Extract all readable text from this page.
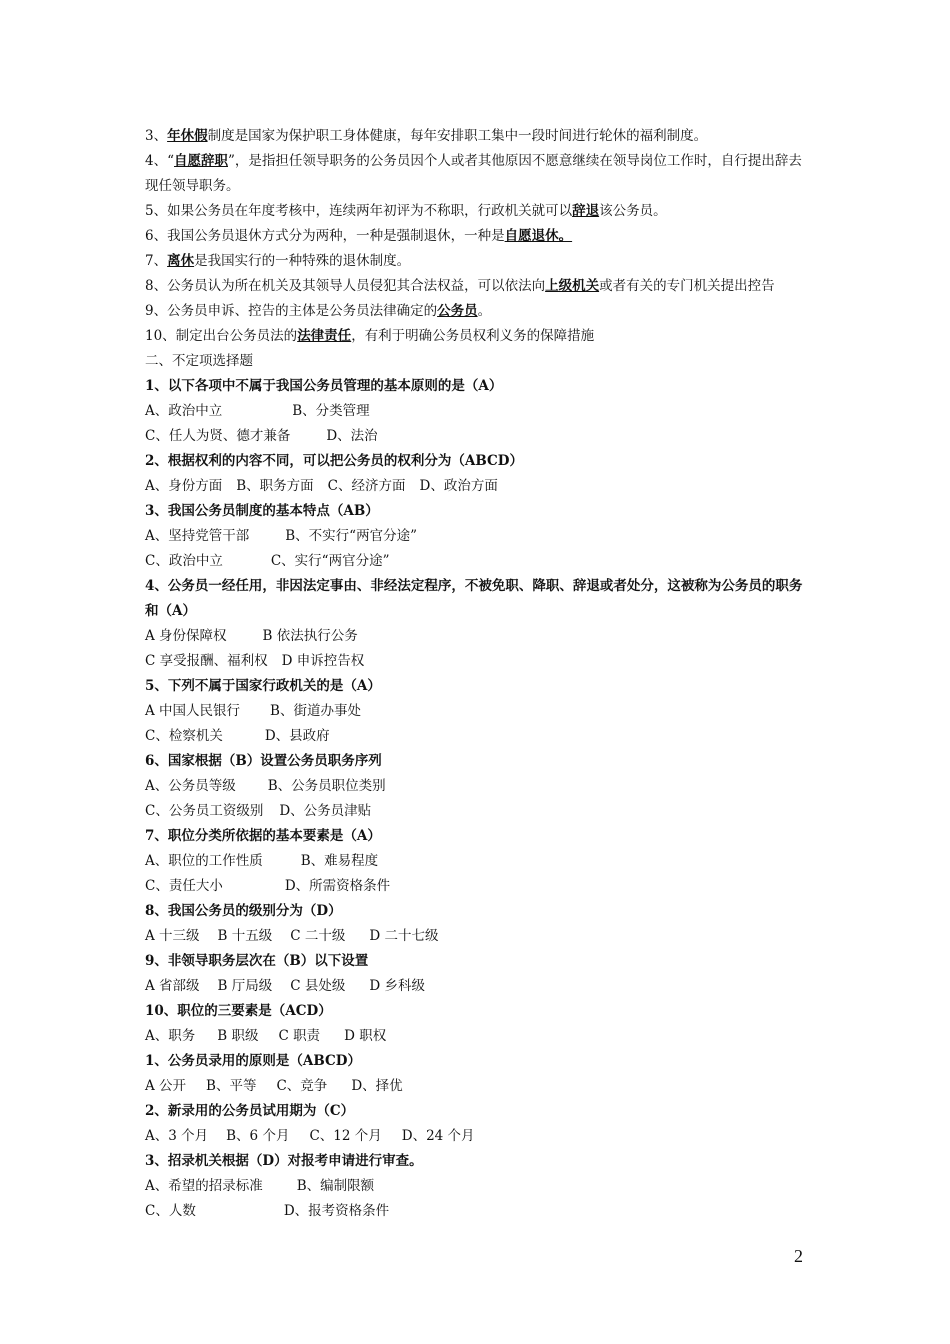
3、年休假制度是国家为保护职工身体健康，每年安排职工集中一段时间进行轮休的福利制度。
4、“自愿辞职”，是指担任领导职务的公务员因个人或者其他原因不愿意继续在领导岗位工作时，自行提出辞去现任领导职务。
5、如果公务员在年度考核中，连续两年初评为不称职，行政机关就可以辞退该公务员。
6、我国公务员退休方式分为两种，一种是强制退休，一种是自愿退休。
7、离休是我国实行的一种特殊的退休制度。
8、公务员认为所在机关及其领导人员侵犯其合法权益，可以依法向上级机关或者有关的专门机关提出控告
9、公务员申诉、控告的主体是公务员法律确定的公务员。
10、制定出台公务员法的法律责任，有利于明确公务员权利义务的保障措施
二、不定项选择题
1、以下各项中不属于我国公务员管理的基本原则的是（A）
A、政治中立	B、分类管理
C、任人为贤、德才兼备	D、法治
2、根据权利的内容不同，可以把公务员的权利分为（ABCD）
A、身份方面 B、职务方面 C、经济方面 D、政治方面
3、我国公务员制度的基本特点（AB）
A、坚持党管干部	B、不实行“两官分途”
C、政治中立	C、实行“两官分途”
4、公务员一经任用，非因法定事由、非经法定程序，不被免职、降职、辞退或者处分，这被称为公务员的职务和（A）
A 身份保障权	B 依法执行公务
C 享受报酬、福利权 D 申诉控告权
5、下列不属于国家行政机关的是（A）
A 中国人民银行 B、街道办事处
C、检察机关	D、县政府
6、国家根据（B）设置公务员职务序列
A、公务员等级 B、公务员职位类别
C、公务员工资级别 D、公务员津贴
7、职位分类所依据的基本要素是（A）
A、职位的工作性质	B、难易程度
C、责任大小	D、所需资格条件
8、我国公务员的级别分为（D）
A 十三级 B 十五级 C 二十级 D 二十七级
9、非领导职务层次在（B）以下设置
A 省部级 B 厅局级 C 县处级 D 乡科级
10、职位的三要素是（ACD）
A、职务 B 职级 C 职责 D 职权
1、公务员录用的原则是（ABCD）
A 公开 B、平等 C、竞争 D、择优
2、新录用的公务员试用期为（C）
A、3 个月 B、6 个月 C、12 个月 D、24 个月
3、招录机关根据（D）对报考申请进行审查。
A、希望的招录标准	B、编制限额
C、人数	D、报考资格条件
2
